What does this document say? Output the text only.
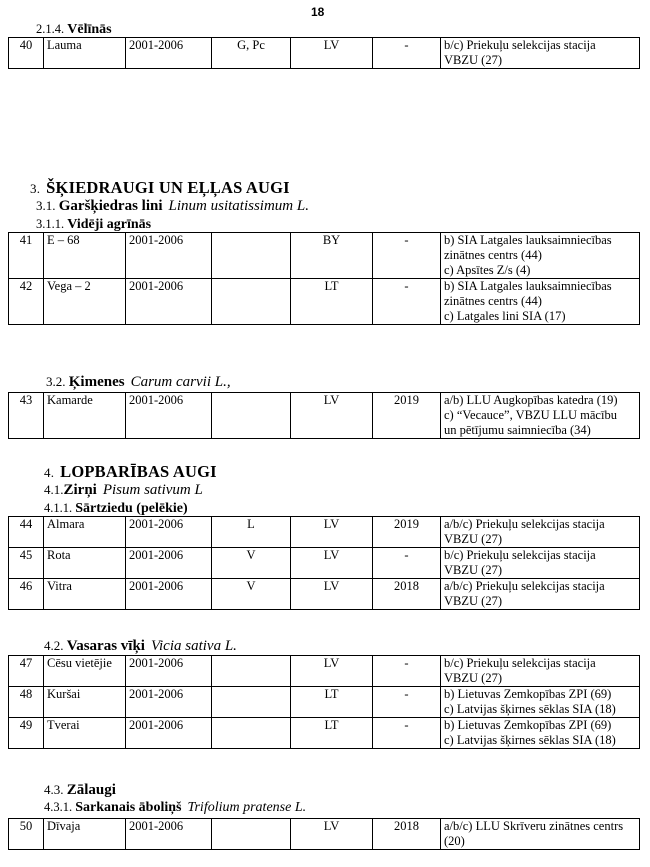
18
2.1.4. Vēlīnās
40	Lauma	2001-2006	G, Pc	LV	-	b/c) Priekuļu selekcijas stacija
VBZU (27)
3. ŠĶIEDRAUGI UN EĻĻAS AUGI
3.1. Garšķiedras lini Linum usitatissimum L.
3.1.1. Vidēji agrīnās
41	E – 68	2001-2006		BY	-	b) SIA Latgales lauksaimniecības
zinātnes centrs (44)
c) Apsītes Z/s (4)

42	Vega – 2	2001-2006		LT	-	b) SIA Latgales lauksaimniecības
zinātnes centrs (44)
c) Latgales lini SIA (17)
3.2. Ķimenes Carum carvii L.,
43	Kamarde	2001-2006		LV	2019	a/b) LLU Augkopības katedra (19)
c) “Vecauce”, VBZU LLU mācību
un pētījumu saimniecība (34)
4. LOPBARĪBAS AUGI
4.1.Zirņi Pisum sativum L
4.1.1. Sārtziedu (pelēkie)
44	Almara	2001-2006	L	LV	2019	a/b/c) Priekuļu selekcijas stacija
VBZU (27)

45	Rota	2001-2006	V	LV	-	b/c) Priekuļu selekcijas stacija
VBZU (27)

46	Vitra	2001-2006	V	LV	2018	a/b/c) Priekuļu selekcijas stacija
VBZU (27)
4.2. Vasaras vīķi Vicia sativa L.
47	Cēsu vietējie	2001-2006		LV	-	b/c) Priekuļu selekcijas stacija
VBZU (27)

48	Kuršai	2001-2006		LT	-	b) Lietuvas Zemkopības ZPI (69)
c) Latvijas šķirnes sēklas SIA (18)

49	Tverai	2001-2006		LT	-	b) Lietuvas Zemkopības ZPI (69)
c) Latvijas šķirnes sēklas SIA (18)
4.3. Zālaugi
4.3.1. Sarkanais āboliņš Trifolium pratense L.
50	Dīvaja	2001-2006		LV	2018	a/b/c) LLU Skrīveru zinātnes centrs
(20)
